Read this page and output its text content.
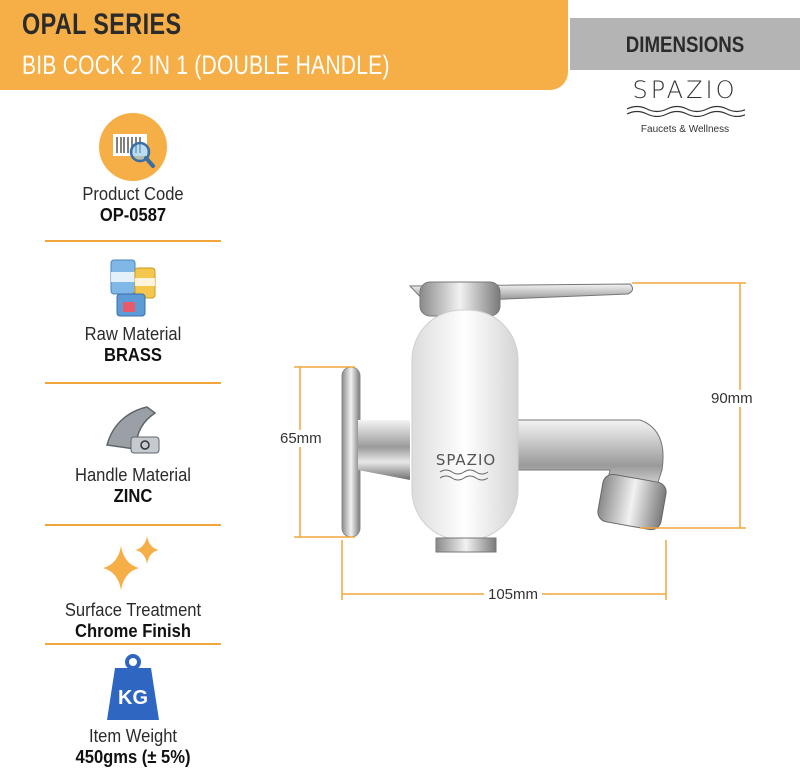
OPAL SERIES
BIB COCK 2 IN 1 (DOUBLE HANDLE)
DIMENSIONS
SPAZIO
Faucets & Wellness
Product Code
OP-0587
Raw Material
BRASS
Handle Material
ZINC
Surface Treatment
Chrome Finish
KG
Item Weight
450gms (± 5%)
SPAZIO
65mm
90mm
105mm
